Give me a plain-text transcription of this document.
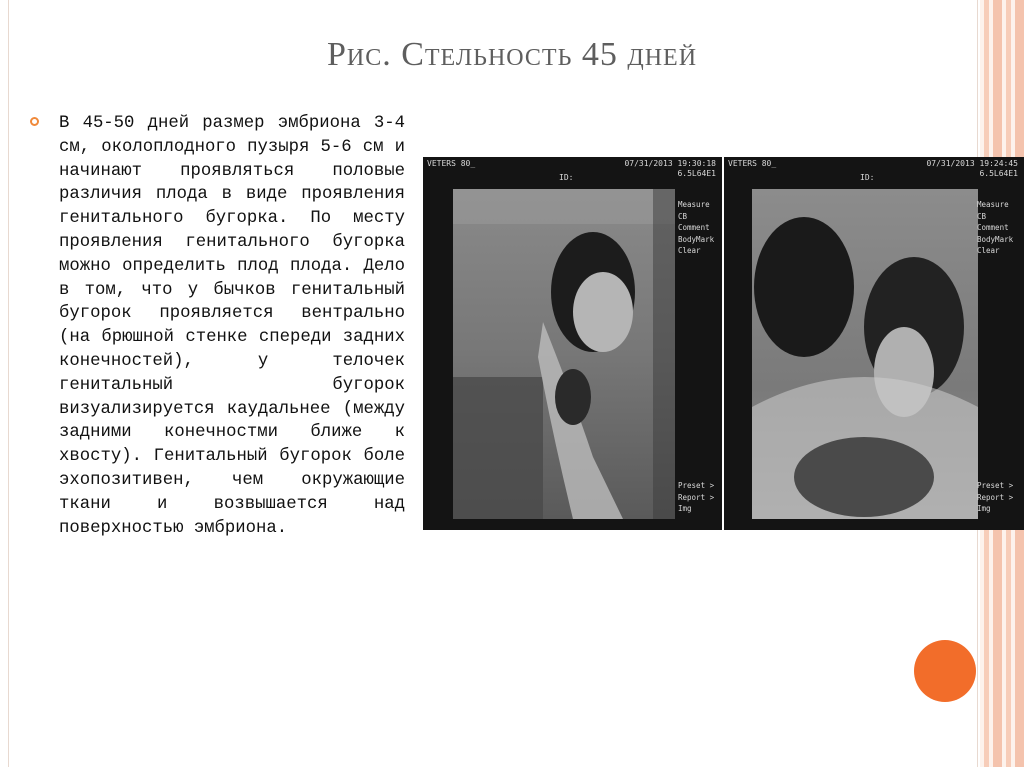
Рис. Стельность 45 дней
В 45-50 дней размер эмбриона 3-4 см, околоплодного пузыря 5-6 см и начинают проявляться половые различия плода в виде проявления генитального бугорка. По месту проявления генитального бугорка можно определить плод плода. Дело в том, что у бычков генитальный бугорок проявляется вентрально (на брюшной стенке спереди задних конечностей), у телочек генитальный бугорок визуализируется каудальнее (между задними конечностми ближе к хвосту). Генитальный бугорок боле эхопозитивен, чем окружающие ткани и возвышается над поверхностью эмбриона.
VETERS 80_	07/31/2013 19:30:18
6.5L64E1
ID:
Measure
CB
Comment
BodyMark
Clear
Preset >
Report >
Img
VETERS 80_	07/31/2013 19:24:45
6.5L64E1
ID:
Measure
CB
Comment
BodyMark
Clear
Preset >
Report >
Img
